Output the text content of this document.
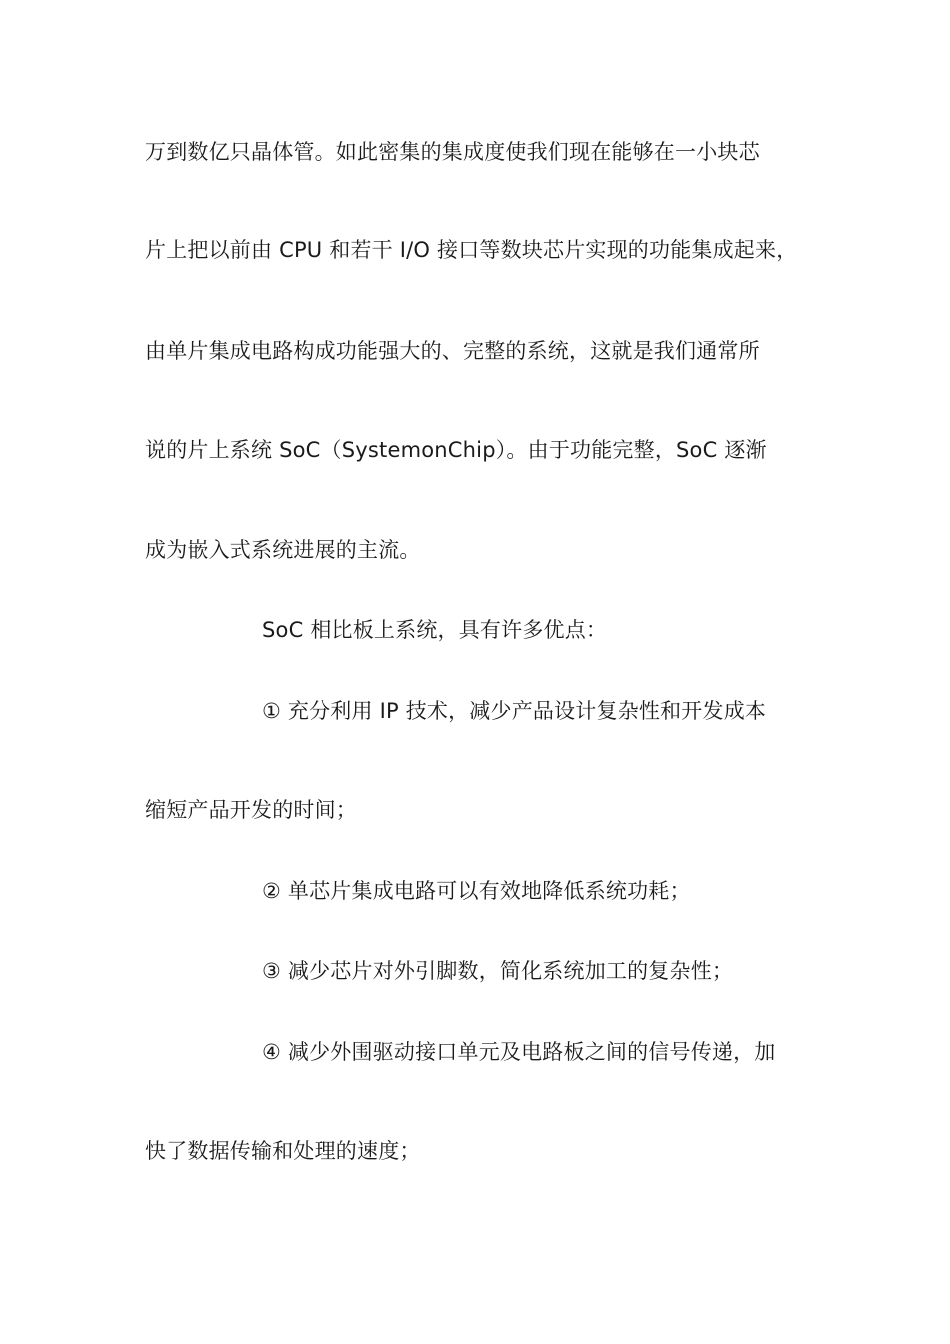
万到数亿只晶体管。如此密集的集成度使我们现在能够在一小块芯
片上把以前由 CPU 和若干 I/O 接口等数块芯片实现的功能集成起来，
由单片集成电路构成功能强大的、完整的系统，这就是我们通常所
说的片上系统 SoC（SystemonChip）。由于功能完整，SoC 逐渐
成为嵌入式系统进展的主流。
SoC 相比板上系统，具有许多优点：
① 充分利用 IP 技术，减少产品设计复杂性和开发成本
缩短产品开发的时间；
② 单芯片集成电路可以有效地降低系统功耗；
③ 减少芯片对外引脚数，简化系统加工的复杂性；
④ 减少外围驱动接口单元及电路板之间的信号传递，加
快了数据传输和处理的速度；
